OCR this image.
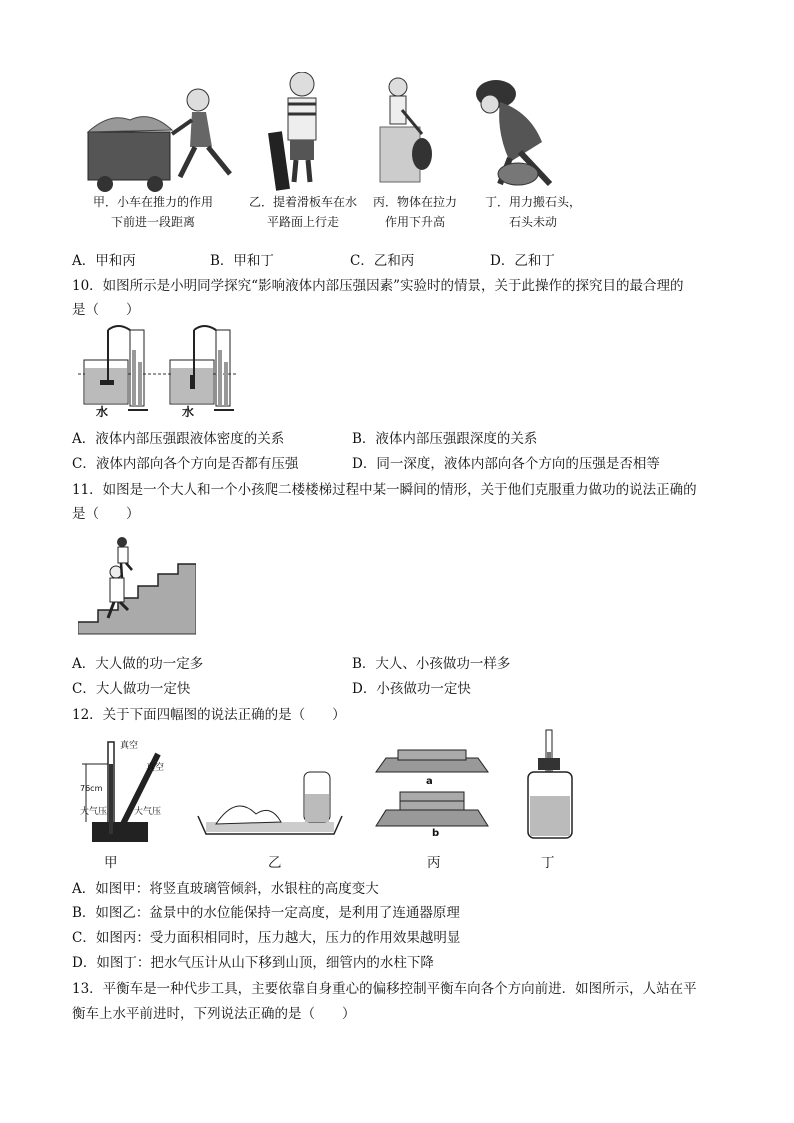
甲．小车在推力的作用
下前进一段距离
乙．提着滑板车在水
平路面上行走
丙．物体在拉力
作用下升高
丁．用力搬石头，
石头未动
A．甲和丙	B．甲和丁	C．乙和丙	D．乙和丁
10．如图所示是小明同学探究“影响液体内部压强因素”实验时的情景，关于此操作的探究目的最合理的
是（　　）
水	水
A．液体内部压强跟液体密度的关系	B．液体内部压强跟深度的关系
C．液体内部向各个方向是否都有压强	D．同一深度，液体内部向各个方向的压强是否相等
11．如图是一个大人和一个小孩爬二楼楼梯过程中某一瞬间的情形，关于他们克服重力做功的说法正确的
是（　　）
A．大人做的功一定多	B．大人、小孩做功一样多
C．大人做功一定快	D．小孩做功一定快
12．关于下面四幅图的说法正确的是（　　）
真空
真空
76cm
大气压	大气压
a
b
甲	乙	丙	丁
A．如图甲：将竖直玻璃管倾斜，水银柱的高度变大
B．如图乙：盆景中的水位能保持一定高度，是利用了连通器原理
C．如图丙：受力面积相同时，压力越大，压力的作用效果越明显
D．如图丁：把水气压计从山下移到山顶，细管内的水柱下降
13．平衡车是一种代步工具，主要依靠自身重心的偏移控制平衡车向各个方向前进．如图所示，人站在平
衡车上水平前进时，下列说法正确的是（　　）
